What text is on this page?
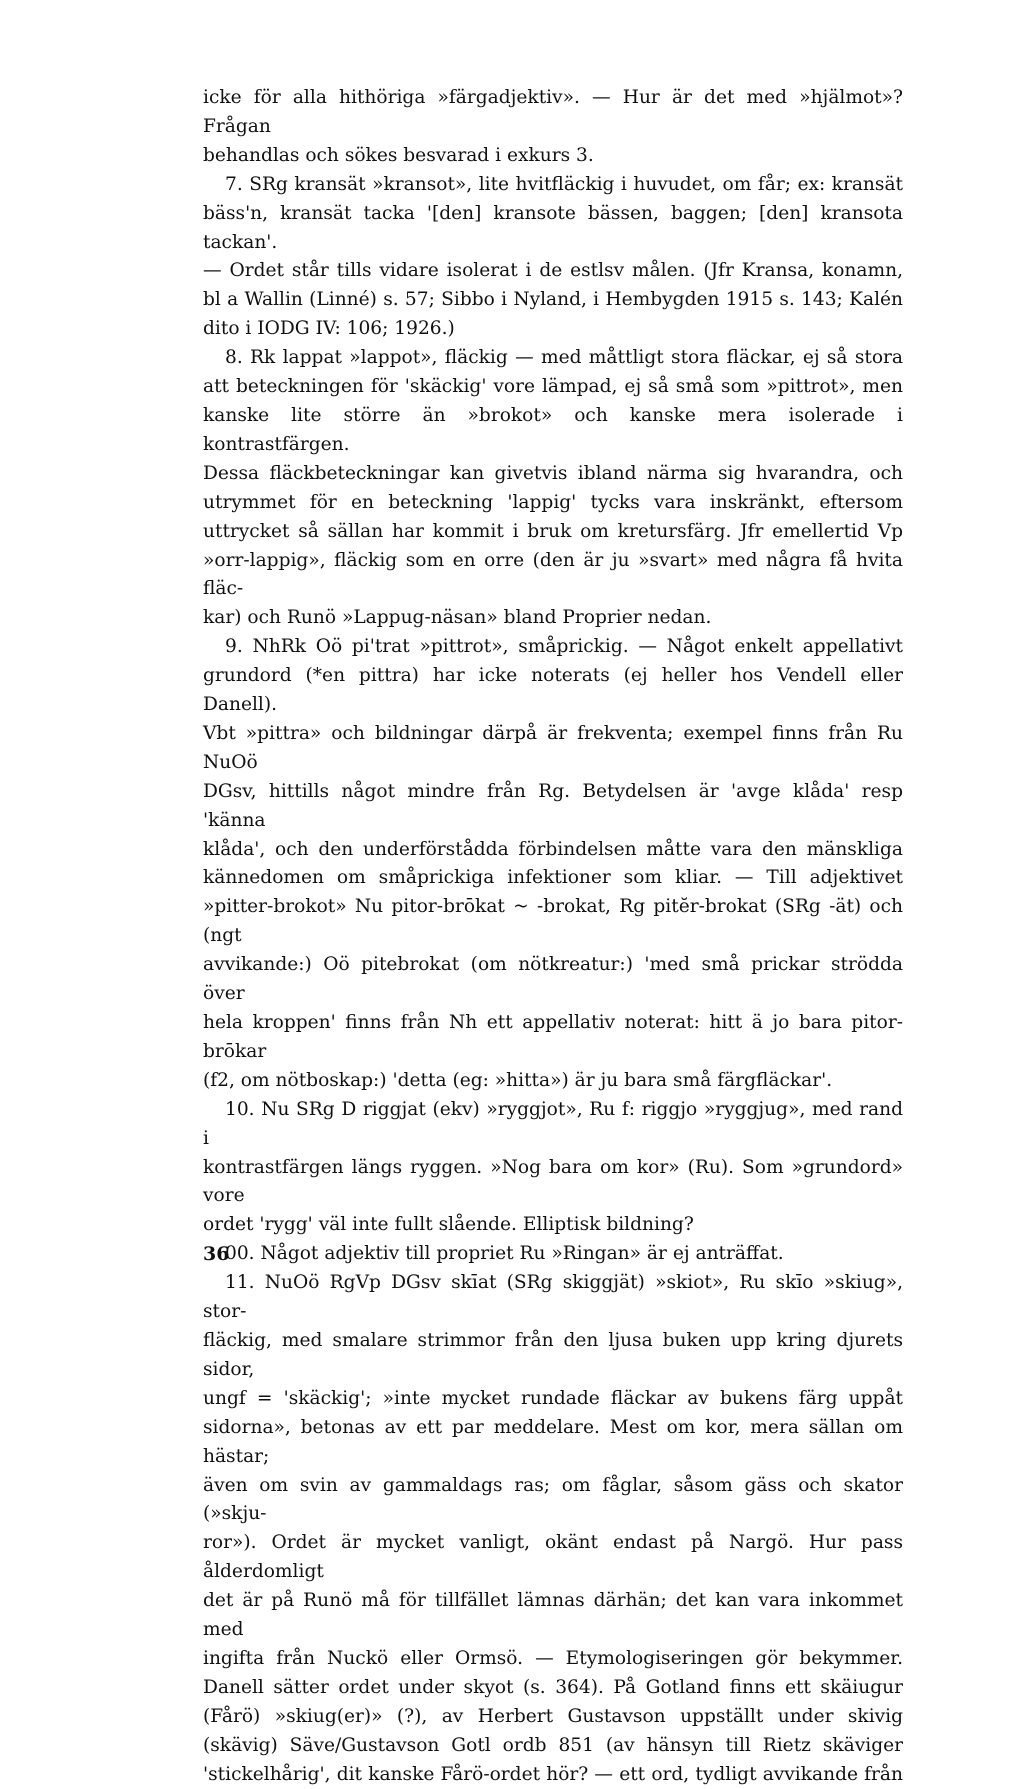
icke för alla hithöriga »färgadjektiv». — Hur är det med »hjälmot»? Frågan

behandlas och sökes besvarad i exkurs 3.

7. SRg kransät »kransot», lite hvitfläckig i huvudet, om får; ex: kransät

bäss'n, kransät tacka '[den] kransote bässen, baggen; [den] kransota tackan'.

— Ordet står tills vidare isolerat i de estlsv målen. (Jfr Kransa, konamn,

bl a Wallin (Linné) s. 57; Sibbo i Nyland, i Hembygden 1915 s. 143; Kalén

dito i IODG IV: 106; 1926.)

8. Rk lappat »lappot», fläckig — med måttligt stora fläckar, ej så stora

att beteckningen för 'skäckig' vore lämpad, ej så små som »pittrot», men

kanske lite större än »brokot» och kanske mera isolerade i kontrastfärgen.

Dessa fläckbeteckningar kan givetvis ibland närma sig hvarandra, och

utrymmet för en beteckning 'lappig' tycks vara inskränkt, eftersom

uttrycket så sällan har kommit i bruk om kretursfärg. Jfr emellertid Vp

»orr-lappig», fläckig som en orre (den är ju »svart» med några få hvita fläc-

kar) och Runö »Lappug-näsan» bland Proprier nedan.

9. NhRk Oö pi'trat »pittrot», småprickig. — Något enkelt appellativt

grundord (*en pittra) har icke noterats (ej heller hos Vendell eller Danell).

Vbt »pittra» och bildningar därpå är frekventa; exempel finns från Ru NuOö

DGsv, hittills något mindre från Rg. Betydelsen är 'avge klåda' resp 'känna

klåda', och den underförstådda förbindelsen måtte vara den mänskliga

kännedomen om småprickiga infektioner som kliar. — Till adjektivet

»pitter-brokot» Nu pitor-brōkat ~ -brokat, Rg pitĕr-brokat (SRg -ät) och (ngt

avvikande:) Oö pitebrokat (om nötkreatur:) 'med små prickar strödda över

hela kroppen' finns från Nh ett appellativ noterat: hitt ä jo bara pitor-brōkar

(f2, om nötboskap:) 'detta (eg: »hitta») är ju bara små färgfläckar'.

10. Nu SRg D riggjat (ekv) »ryggjot», Ru f: riggjo »ryggjug», med rand i

kontrastfärgen längs ryggen. »Nog bara om kor» (Ru). Som »grundord» vore

ordet 'rygg' väl inte fullt slående. Elliptisk bildning?

00. Något adjektiv till propriet Ru »Ringan» är ej anträffat.

11. NuOö RgVp DGsv skīat (SRg skiggjät) »skiot», Ru skīo »skiug», stor-

fläckig, med smalare strimmor från den ljusa buken upp kring djurets sidor,

ungf = 'skäckig'; »inte mycket rundade fläckar av bukens färg uppåt

sidorna», betonas av ett par meddelare. Mest om kor, mera sällan om hästar;

även om svin av gammaldags ras; om fåglar, såsom gäss och skator (»skju-

ror»). Ordet är mycket vanligt, okänt endast på Nargö. Hur pass ålderdomligt

det är på Runö må för tillfället lämnas därhän; det kan vara inkommet med

ingifta från Nuckö eller Ormsö. — Etymologiseringen gör bekymmer.

Danell sätter ordet under skyot (s. 364). På Gotland finns ett skäiugur

(Fårö) »skiug(er)» (?), av Herbert Gustavson uppställt under skivig

(skävig) Säve/Gustavson Gotl ordb 851 (av hänsyn till Rietz skäviger

'stickelhårig', dit kanske Fårö-ordet hör? — ett ord, tydligt avvikande från

36
